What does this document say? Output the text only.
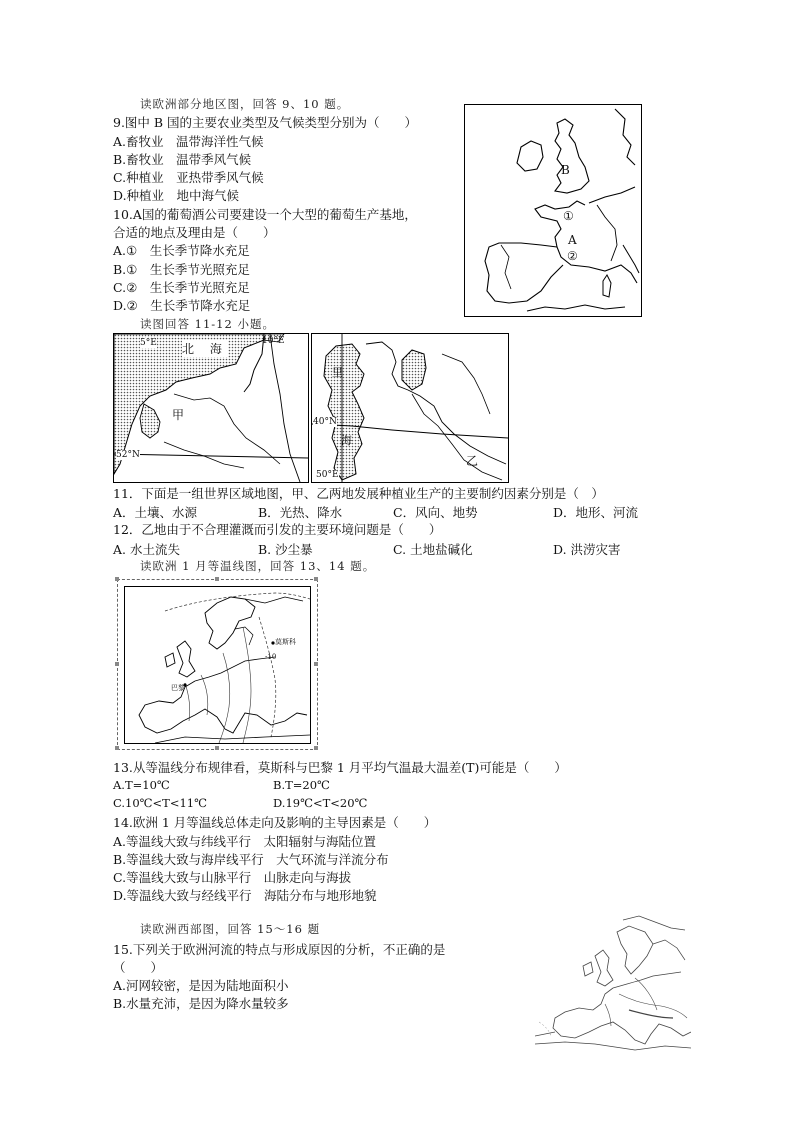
读欧洲部分地区图，回答 9、10 题。
9.图中 B 国的主要农业类型及气候类型分别为（　　）
A.畜牧业　温带海洋性气候
B.畜牧业　温带季风气候
C.种植业　亚热带季风气候
D.种植业　地中海气候
10.A国的葡萄酒公司要建设一个大型的葡萄生产基地，
合适的地点及理由是（　　）
A.①　生长季节降水充足
B.①　生长季节光照充足
C.②　生长季节光照充足
D.②　生长季节降水充足
B
①
A
②
读图回答 11-12 小题。
5°E 北 海
10°E
甲
52°N
里
40°N
海
50°E
乙
11．下面是一组世界区域地图，甲、乙两地发展种植业生产的主要制约因素分别是（　）
A．土壤、水源	B．光热、降水	C．风向、地势	D．地形、河流
12．乙地由于不合理灌溉而引发的主要环境问题是（　　）
A. 水土流失	B. 沙尘暴	C. 土地盐碱化	D. 洪涝灾害
读欧洲 1 月等温线图，回答 13、14 题。
莫斯科
-10
巴黎
13.从等温线分布规律看，莫斯科与巴黎 1 月平均气温最大温差(T)可能是（　　）
A.T=10℃	B.T=20℃
C.10℃<T<11℃	D.19℃<T<20℃
14.欧洲 1 月等温线总体走向及影响的主导因素是（　　）
A.等温线大致与纬线平行　太阳辐射与海陆位置
B.等温线大致与海岸线平行　大气环流与洋流分布
C.等温线大致与山脉平行　山脉走向与海拔
D.等温线大致与经线平行　海陆分布与地形地貌
读欧洲西部图，回答 15～16 题
15.下列关于欧洲河流的特点与形成原因的分析，不正确的是
（　　）
A.河网较密，是因为陆地面积小
B.水量充沛，是因为降水量较多
